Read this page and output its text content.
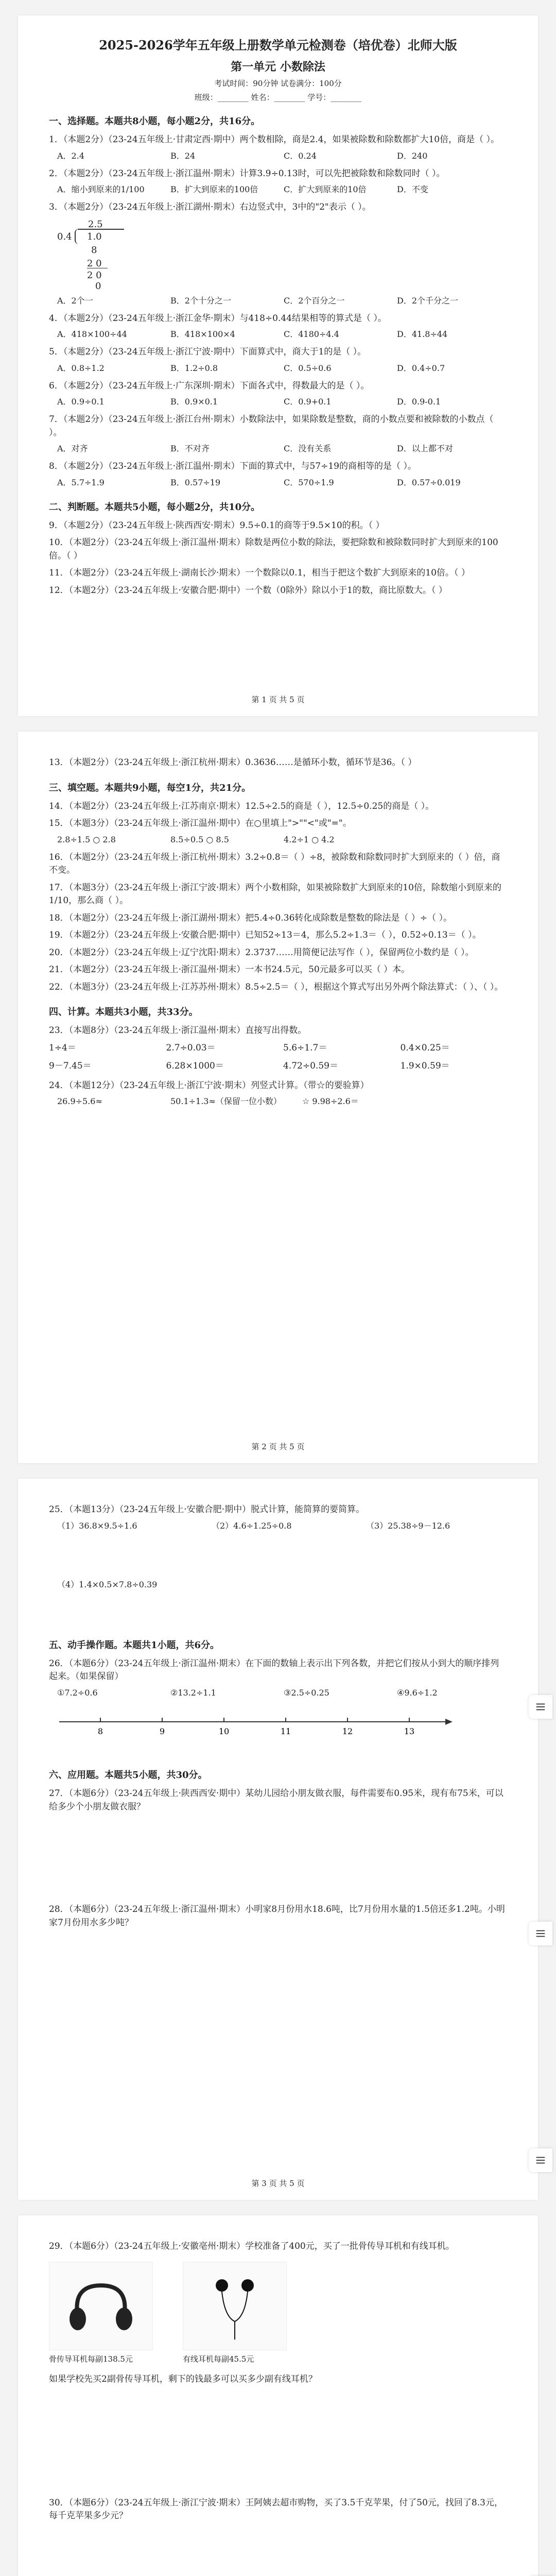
2025-2026学年五年级上册数学单元检测卷（培优卷）北师大版
第一单元 小数除法
考试时间：90分钟 试卷满分：100分
班级：________ 姓名：________ 学号：________
一、选择题。本题共8小题，每小题2分，共16分。
1．（本题2分）（23-24五年级上·甘肃定西·期中）两个数相除，商是2.4，如果被除数和除数都扩大10倍，商是（ ）。
A．2.4	B．24	C．0.24	D．240
2．（本题2分）（23-24五年级上·浙江温州·期末）计算3.9÷0.13时，可以先把被除数和除数同时（ ）。
A．缩小到原来的1/100	B．扩大到原来的100倍	C．扩大到原来的10倍	D．不变
3．（本题2分）（23-24五年级上·浙江湖州·期末）右边竖式中，3中的"2"表示（ ）。
2.5
0.4 1.0
8
2 0
2 0
0
A．2个一	B．2个十分之一	C．2个百分之一	D．2个千分之一
4．（本题2分）（23-24五年级上·浙江金华·期末）与418÷0.44结果相等的算式是（ ）。
A．418×100÷44	B．418×100×4	C．4180÷4.4	D．41.8÷44
5．（本题2分）（23-24五年级上·浙江宁波·期中）下面算式中，商大于1的是（ ）。
A．0.8÷1.2	B．1.2÷0.8	C．0.5÷0.6	D．0.4÷0.7
6．（本题2分）（23-24五年级上·广东深圳·期末）下面各式中，得数最大的是（ ）。
A．0.9÷0.1	B．0.9×0.1	C．0.9+0.1	D．0.9-0.1
7．（本题2分）（23-24五年级上·浙江台州·期末）小数除法中，如果除数是整数，商的小数点要和被除数的小数点（ ）。
A．对齐	B．不对齐	C．没有关系	D．以上都不对
8．（本题2分）（23-24五年级上·浙江温州·期末）下面的算式中，与57÷19的商相等的是（ ）。
A．5.7÷1.9	B．0.57÷19	C．570÷1.9	D．0.57÷0.019
二、判断题。本题共5小题，每小题2分，共10分。
9．（本题2分）（23-24五年级上·陕西西安·期末）9.5÷0.1的商等于9.5×10的积。（ ）
10．（本题2分）（23-24五年级上·浙江温州·期末）除数是两位小数的除法，要把除数和被除数同时扩大到原来的100倍。（ ）
11．（本题2分）（23-24五年级上·湖南长沙·期末）一个数除以0.1，相当于把这个数扩大到原来的10倍。（ ）
12．（本题2分）（23-24五年级上·安徽合肥·期中）一个数（0除外）除以小于1的数，商比原数大。（ ）
第 1 页 共 5 页
13．（本题2分）（23-24五年级上·浙江杭州·期末）0.3636……是循环小数，循环节是36。（ ）
三、填空题。本题共9小题，每空1分，共21分。
14．（本题2分）（23-24五年级上·江苏南京·期末）12.5÷2.5的商是（ ），12.5÷0.25的商是（ ）。
15．（本题3分）（23-24五年级上·浙江温州·期中）在○里填上">""<"或"="。
2.8÷1.5 ○ 2.8	8.5÷0.5 ○ 8.5	4.2÷1 ○ 4.2
16．（本题2分）（23-24五年级上·浙江杭州·期末）3.2÷0.8＝（ ）÷8，被除数和除数同时扩大到原来的（ ）倍，商不变。
17．（本题3分）（23-24五年级上·浙江宁波·期末）两个小数相除，如果被除数扩大到原来的10倍，除数缩小到原来的1/10，那么商（ ）。
18．（本题2分）（23-24五年级上·浙江湖州·期末）把5.4÷0.36转化成除数是整数的除法是（ ）÷（ ）。
19．（本题2分）（23-24五年级上·安徽合肥·期中）已知52÷13＝4，那么5.2÷1.3＝（ ），0.52÷0.13＝（ ）。
20．（本题2分）（23-24五年级上·辽宁沈阳·期末）2.3737……用简便记法写作（ ），保留两位小数约是（ ）。
21．（本题2分）（23-24五年级上·浙江温州·期末）一本书24.5元，50元最多可以买（ ）本。
22．（本题3分）（23-24五年级上·江苏苏州·期末）8.5÷2.5＝（ ），根据这个算式写出另外两个除法算式：（ ）、（ ）。
四、计算。本题共3小题，共33分。
23．（本题8分）（23-24五年级上·浙江温州·期末）直接写出得数。
1÷4＝	2.7÷0.03＝	5.6÷1.7＝	0.4×0.25＝
9－7.45＝	6.28×1000＝	4.72÷0.59＝	1.9×0.59＝
24．（本题12分）（23-24五年级上·浙江宁波·期末）列竖式计算。（带☆的要验算）
26.9÷5.6≈	50.1÷1.3≈（保留一位小数）	☆ 9.98÷2.6＝
第 2 页 共 5 页
25．（本题13分）（23-24五年级上·安徽合肥·期中）脱式计算，能简算的要简算。
（1）36.8×9.5÷1.6	（2）4.6÷1.25÷0.8	（3）25.38÷9－12.6
（4）1.4×0.5×7.8÷0.39
五、动手操作题。本题共1小题，共6分。
26．（本题6分）（23-24五年级上·浙江温州·期末）在下面的数轴上表示出下列各数，并把它们按从小到大的顺序排列起来。（如果保留）
①7.2÷0.6	②13.2÷1.1	③2.5÷0.25	④9.6÷1.2
8	9	10	11	12	13
六、应用题。本题共5小题，共30分。
27．（本题6分）（23-24五年级上·陕西西安·期中）某幼儿园给小朋友做衣服，每件需要布0.95米，现有布75米，可以给多少个小朋友做衣服？
28．（本题6分）（23-24五年级上·浙江温州·期末）小明家8月份用水18.6吨，比7月份用水量的1.5倍还多1.2吨。小明家7月份用水多少吨？
第 3 页 共 5 页
29．（本题6分）（23-24五年级上·安徽亳州·期末）学校准备了400元，买了一批骨传导耳机和有线耳机。
骨传导耳机每副138.5元	有线耳机每副45.5元
如果学校先买2副骨传导耳机，剩下的钱最多可以买多少副有线耳机？
30．（本题6分）（23-24五年级上·浙江宁波·期末）王阿姨去超市购物，买了3.5千克苹果，付了50元，找回了8.3元，每千克苹果多少元？
